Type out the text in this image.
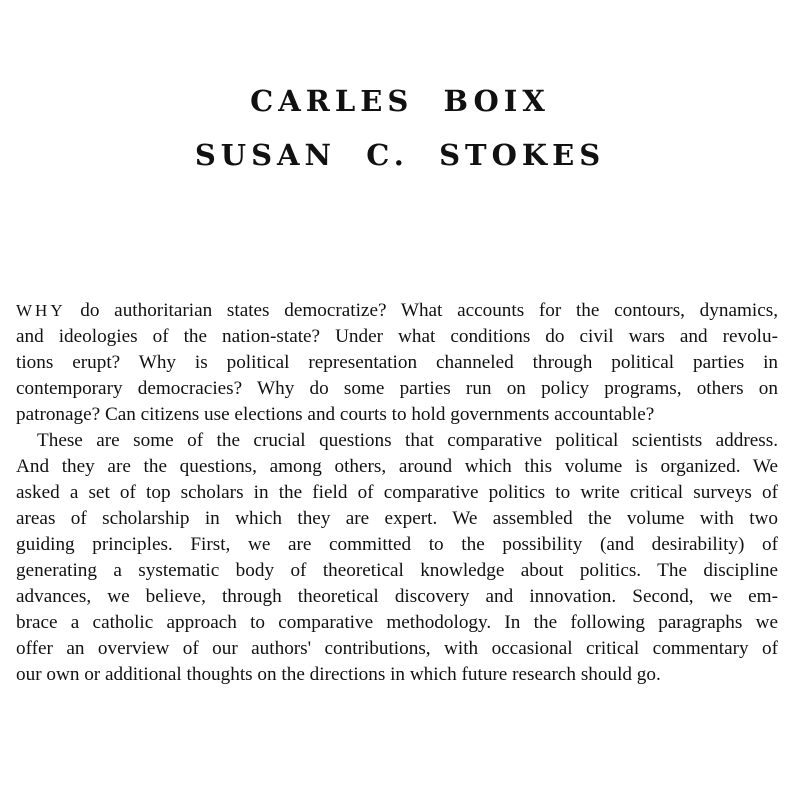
CARLES  BOIX
SUSAN  C.  STOKES
WHY do authoritarian states democratize? What accounts for the contours, dynamics,
and ideologies of the nation-state? Under what conditions do civil wars and revolu-
tions erupt? Why is political representation channeled through political parties in
contemporary democracies? Why do some parties run on policy programs, others on
patronage? Can citizens use elections and courts to hold governments accountable?
These are some of the crucial questions that comparative political scientists address.
And they are the questions, among others, around which this volume is organized. We
asked a set of top scholars in the field of comparative politics to write critical surveys of
areas of scholarship in which they are expert. We assembled the volume with two
guiding principles. First, we are committed to the possibility (and desirability) of
generating a systematic body of theoretical knowledge about politics. The discipline
advances, we believe, through theoretical discovery and innovation. Second, we em-
brace a catholic approach to comparative methodology. In the following paragraphs we
offer an overview of our authors' contributions, with occasional critical commentary of
our own or additional thoughts on the directions in which future research should go.
